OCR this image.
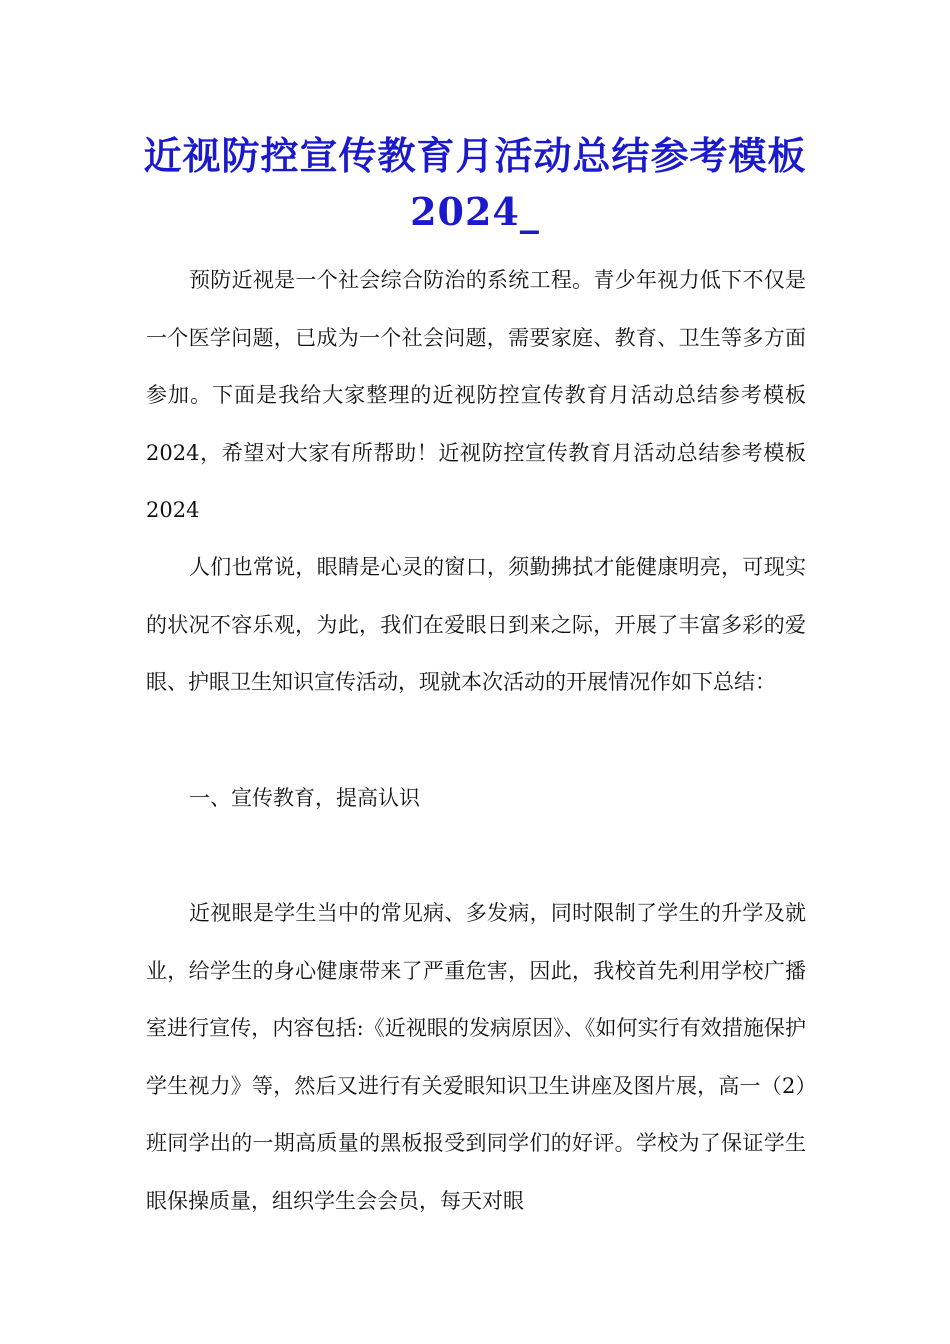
近视防控宣传教育月活动总结参考模板2024_

预防近视是一个社会综合防治的系统工程。青少年视力低下不仅是一个医学问题，已成为一个社会问题，需要家庭、教育、卫生等多方面参加。下面是我给大家整理的近视防控宣传教育月活动总结参考模板2024，希望对大家有所帮助！近视防控宣传教育月活动总结参考模板2024

人们也常说，眼睛是心灵的窗口，须勤拂拭才能健康明亮，可现实的状况不容乐观，为此，我们在爱眼日到来之际，开展了丰富多彩的爱眼、护眼卫生知识宣传活动，现就本次活动的开展情况作如下总结：

一、宣传教育，提高认识

近视眼是学生当中的常见病、多发病，同时限制了学生的升学及就业，给学生的身心健康带来了严重危害，因此，我校首先利用学校广播室进行宣传，内容包括:《近视眼的发病原因》、《如何实行有效措施保护学生视力》等，然后又进行有关爱眼知识卫生讲座及图片展，高一（2）班同学出的一期高质量的黑板报受到同学们的好评。学校为了保证学生眼保操质量，组织学生会会员，每天对眼
